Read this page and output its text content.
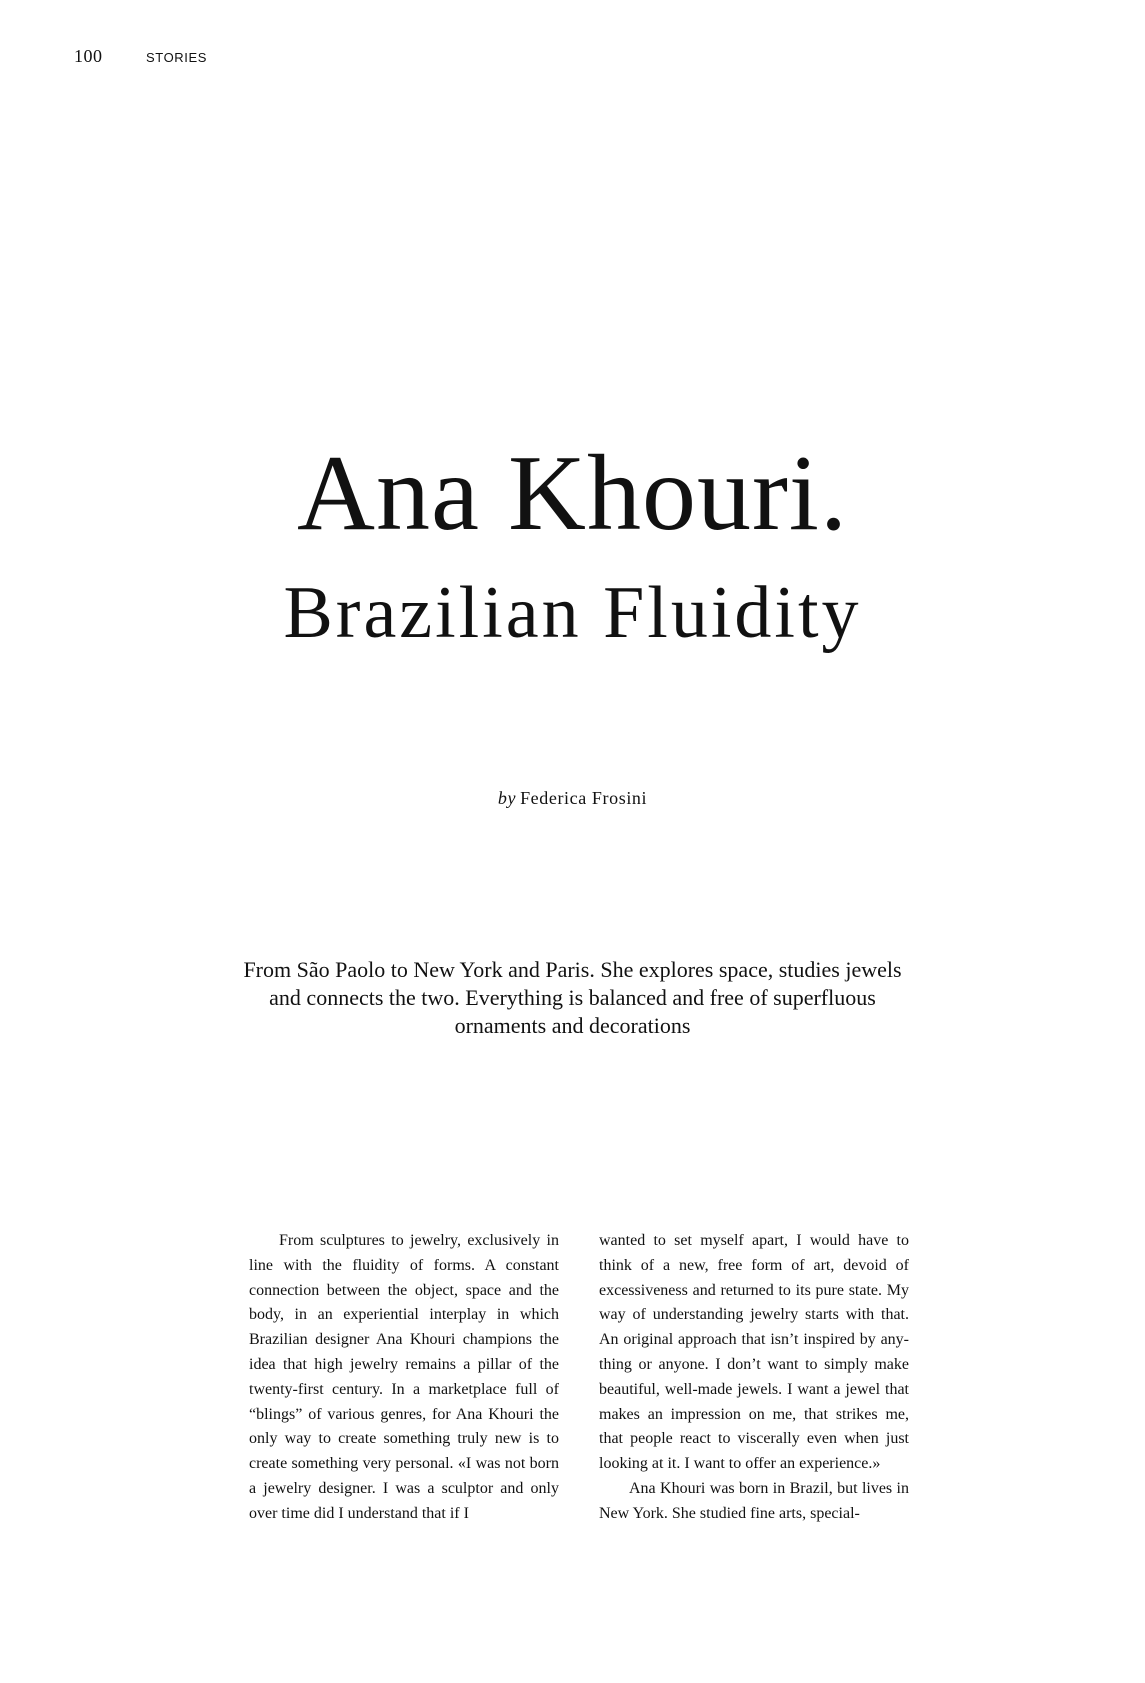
100	STORIES
Ana Khouri.
Brazilian Fluidity
by Federica Frosini

From São Paolo to New York and Paris. She explores space, studies jewels and connects the two. Everything is balanced and free of superfluous ornaments and decorations

From sculptures to jewelry, exclusively in line with the fluidity of forms. A constant connection between the object, space and the body, in an experiential interplay in which Brazilian designer Ana Khouri champions the idea that high jewelry remains a pillar of the twenty-first century. In a marketplace full of “blings” of various genres, for Ana Khouri the only way to create something truly new is to create something very personal. «I was not born a jewelry designer. I was a sculptor and only over time did I understand that if I

wanted to set myself apart, I would have to think of a new, free form of art, devoid of excessiveness and returned to its pure state. My way of understanding jewelry starts with that. An original approach that isn’t inspired by anything or anyone. I don’t want to simply make beautiful, well-made jewels. I want a jewel that makes an impression on me, that strikes me, that people react to viscerally even when just looking at it. I want to offer an experience.»

Ana Khouri was born in Brazil, but lives in New York. She studied fine arts, special-
